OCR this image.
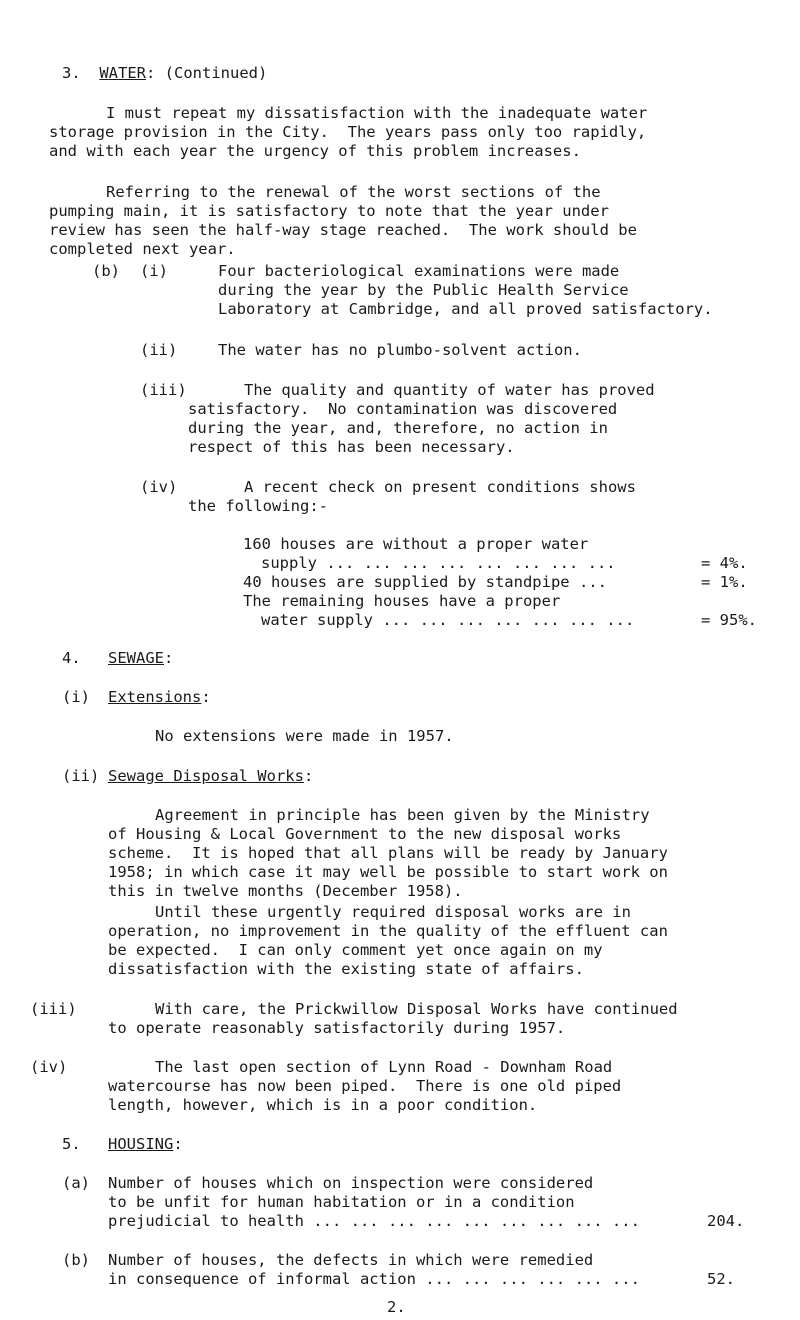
3. WATER: (Continued)
I must repeat my dissatisfaction with the inadequate water
storage provision in the City.  The years pass only too rapidly,
and with each year the urgency of this problem increases.
Referring to the renewal of the worst sections of the
pumping main, it is satisfactory to note that the year under
review has seen the half-way stage reached.  The work should be
completed next year.
(b) (i)	Four bacteriological examinations were made
during the year by the Public Health Service
Laboratory at Cambridge, and all proved satisfactory.
(ii)	The water has no plumbo-solvent action.
(iii)	The quality and quantity of water has proved
satisfactory.  No contamination was discovered
during the year, and, therefore, no action in
respect of this has been necessary.
(iv)	A recent check on present conditions shows
the following:-
160 houses are without a proper water
supply ... ... ... ... ... ... ... ...	= 4%.
40 houses are supplied by standpipe ...	= 1%.
The remaining houses have a proper
water supply ... ... ... ... ... ... ...	= 95%.
4. SEWAGE:
(i) Extensions:
No extensions were made in 1957.
(ii) Sewage Disposal Works:
Agreement in principle has been given by the Ministry
of Housing & Local Government to the new disposal works
scheme.  It is hoped that all plans will be ready by January
1958; in which case it may well be possible to start work on
this in twelve months (December 1958).
Until these urgently required disposal works are in
operation, no improvement in the quality of the effluent can
be expected.  I can only comment yet once again on my
dissatisfaction with the existing state of affairs.
(iii)	With care, the Prickwillow Disposal Works have continued
to operate reasonably satisfactorily during 1957.
(iv)	The last open section of Lynn Road - Downham Road
watercourse has now been piped.  There is one old piped
length, however, which is in a poor condition.
5. HOUSING:
(a) Number of houses which on inspection were considered
to be unfit for human habitation or in a condition
prejudicial to health ... ... ... ... ... ... ... ... ...	204.
(b) Number of houses, the defects in which were remedied
in consequence of informal action ... ... ... ... ... ...	52.
2.
